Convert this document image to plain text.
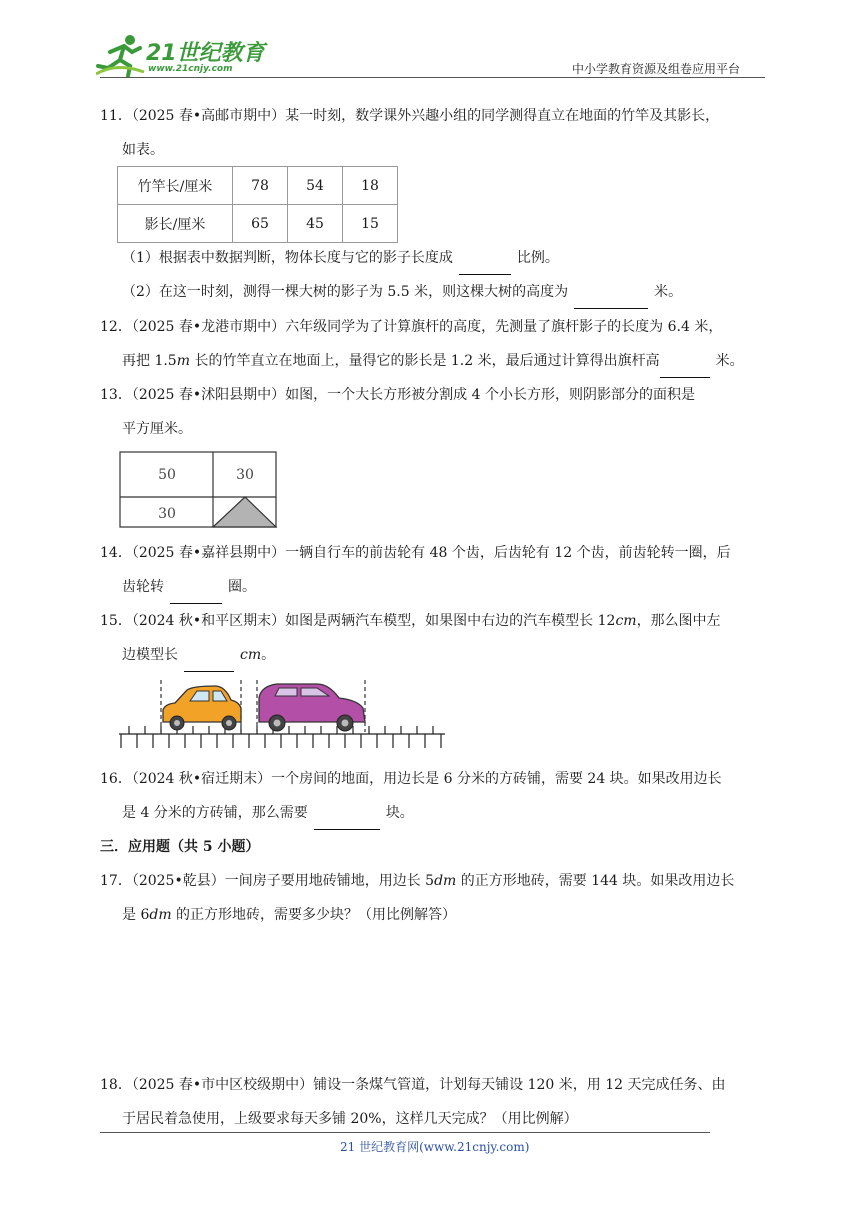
21世纪教育
www.21cnjy.com	中小学教育资源及组卷应用平台
11．（2025 春•高邮市期中）某一时刻，数学课外兴趣小组的同学测得直立在地面的竹竿及其影长，
如表。
竹竿长/厘米	78	54	18
影长/厘米	65	45	15
（1）根据表中数据判断，物体长度与它的影子长度成	比例。
（2）在这一时刻，测得一棵大树的影子为 5.5 米，则这棵大树的高度为	米。
12．（2025 春•龙港市期中）六年级同学为了计算旗杆的高度，先测量了旗杆影子的长度为 6.4 米，
再把 1.5m 长的竹竿直立在地面上，量得它的影长是 1.2 米，最后通过计算得出旗杆高	米。
13．（2025 春•沭阳县期中）如图，一个大长方形被分割成 4 个小长方形，则阴影部分的面积是
平方厘米。
50	30
30
14．（2025 春•嘉祥县期中）一辆自行车的前齿轮有 48 个齿，后齿轮有 12 个齿，前齿轮转一圈，后
齿轮转	圈。
15．（2024 秋•和平区期末）如图是两辆汽车模型，如果图中右边的汽车模型长 12cm，那么图中左
边模型长	cm。
16．（2024 秋•宿迁期末）一个房间的地面，用边长是 6 分米的方砖铺，需要 24 块。如果改用边长
是 4 分米的方砖铺，那么需要	块。
三．应用题（共 5 小题）
17．（2025•乾县）一间房子要用地砖铺地，用边长 5dm 的正方形地砖，需要 144 块。如果改用边长
是 6dm 的正方形地砖，需要多少块？（用比例解答）
18．（2025 春•市中区校级期中）铺设一条煤气管道，计划每天铺设 120 米，用 12 天完成任务、由
于居民着急使用，上级要求每天多铺 20%，这样几天完成？（用比例解）
21 世纪教育网(www.21cnjy.com)
